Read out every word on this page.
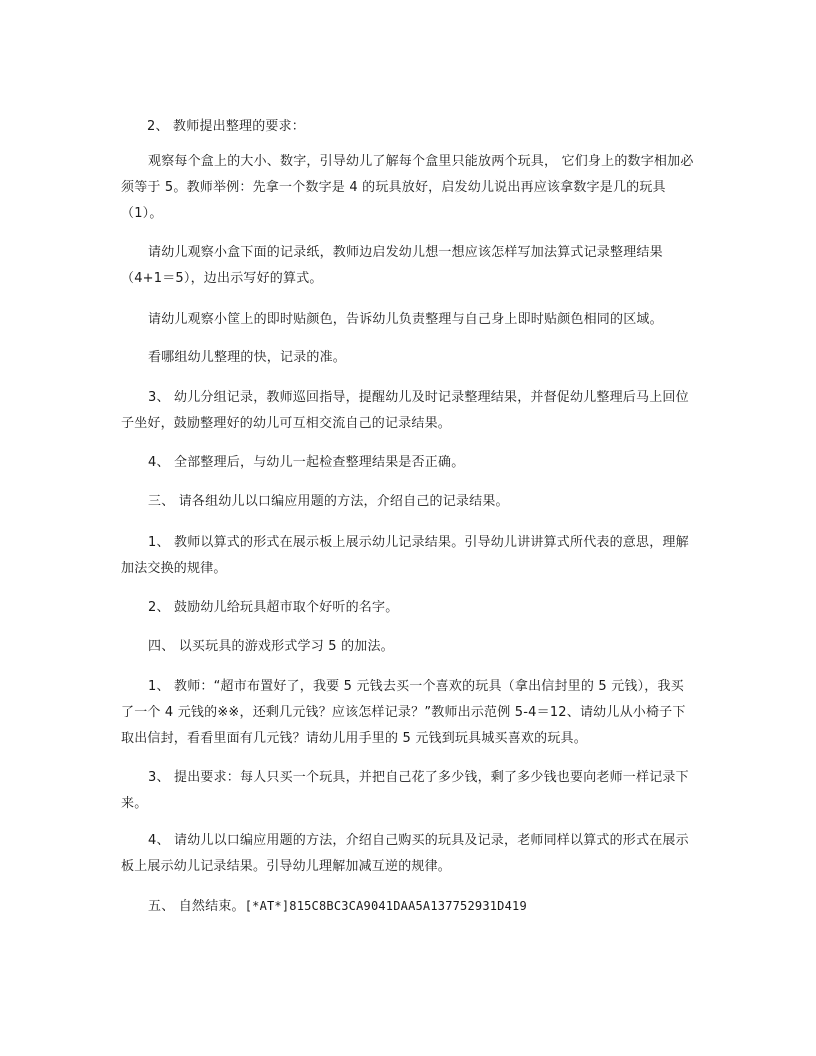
2、 教师提出整理的要求：
观察每个盒上的大小、数字，引导幼儿了解每个盒里只能放两个玩具， 它们身上的数字相加必须等于 5。教师举例：先拿一个数字是 4 的玩具放好，启发幼儿说出再应该拿数字是几的玩具（1）。
请幼儿观察小盒下面的记录纸，教师边启发幼儿想一想应该怎样写加法算式记录整理结果（4+1＝5），边出示写好的算式。
请幼儿观察小筐上的即时贴颜色，告诉幼儿负责整理与自己身上即时贴颜色相同的区域。
看哪组幼儿整理的快，记录的准。
3、 幼儿分组记录，教师巡回指导，提醒幼儿及时记录整理结果，并督促幼儿整理后马上回位子坐好，鼓励整理好的幼儿可互相交流自己的记录结果。
4、 全部整理后，与幼儿一起检查整理结果是否正确。
三、 请各组幼儿以口编应用题的方法，介绍自己的记录结果。
1、 教师以算式的形式在展示板上展示幼儿记录结果。引导幼儿讲讲算式所代表的意思，理解加法交换的规律。
2、 鼓励幼儿给玩具超市取个好听的名字。
四、 以买玩具的游戏形式学习 5 的加法。
1、 教师：“超市布置好了，我要 5 元钱去买一个喜欢的玩具（拿出信封里的 5 元钱），我买了一个 4 元钱的※※，还剩几元钱？应该怎样记录？”教师出示范例 5-4＝12、请幼儿从小椅子下取出信封，看看里面有几元钱？请幼儿用手里的 5 元钱到玩具城买喜欢的玩具。
3、 提出要求：每人只买一个玩具，并把自己花了多少钱，剩了多少钱也要向老师一样记录下来。
4、 请幼儿以口编应用题的方法，介绍自己购买的玩具及记录，老师同样以算式的形式在展示板上展示幼儿记录结果。引导幼儿理解加减互逆的规律。
五、 自然结束。[*AT*]815C8BC3CA9041DAA5A137752931D419
